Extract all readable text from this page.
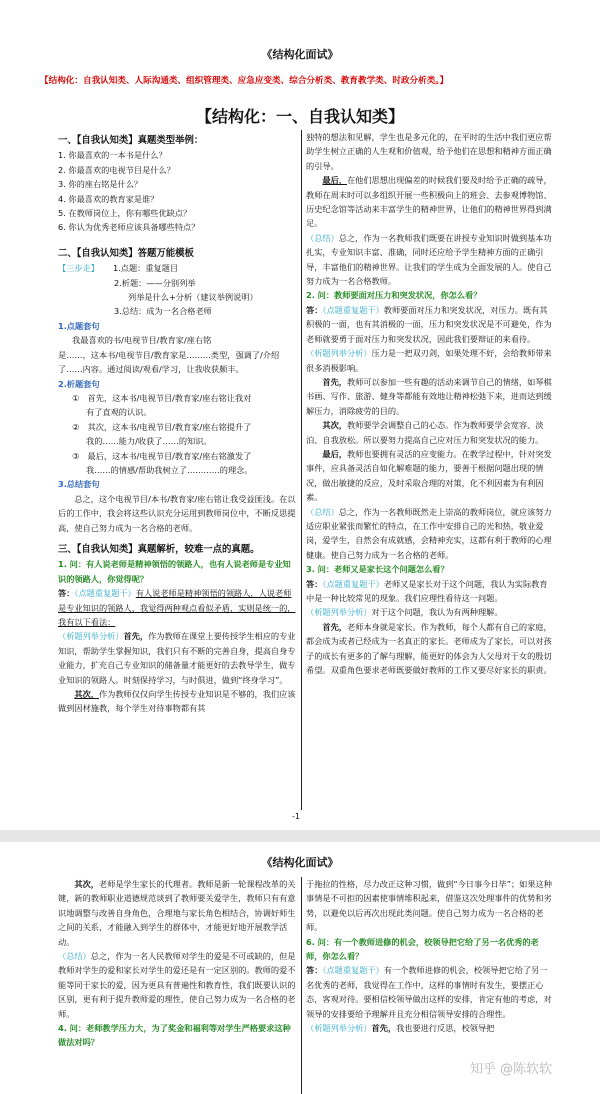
《结构化面试》
【结构化：自我认知类、人际沟通类、组织管理类、应急应变类、综合分析类、教育教学类、时政分析类。】
【结构化：一、自我认知类】
一、【自我认知类】真题类型举例：
1. 你最喜欢的一本书是什么？
2. 你最喜欢的电视节目是什么？
3. 你的座右铭是什么？
4. 你最喜欢的教育家是谁？
5. 在教师岗位上，你有哪些优缺点？
6. 你认为优秀老师应该具备哪些特点？
二、【自我认知类】答题万能模板
【三步走】 1.点题：重复题目
2.析题：——分别列举
列举是什么+分析（建议举例说明）
3.总结：成为一名合格老师
1.点题套句
我最喜欢的书/电视节目/教育家/座右铭
是……，这本书/电视节目/教育家是………类型，强调了/介绍了……内容。通过阅读/观看/学习，让我收获颇丰。
2.析题套句
①　首先，这本书/电视节目/教育家/座右铭让我对
有了直观的认识。
②　其次，这本书/电视节目/教育家/座右铭提升了
我的……能力/收获了……的知识。
③　最后，这本书/电视节目/教育家/座右铭激发了
我……的情感/帮助我树立了…………的理念。
3.总结套句
总之，这个电视节目/本书/教育家/座右铭让我受益匪浅。在以后的工作中，我会将这些认识充分运用到教师岗位中，不断反思提高，使自己努力成为一名合格的老师。
三、【自我认知类】真题解析，较难一点的真题。
1. 问：有人说老师是精神领悟的领路人，也有人说老师是专业知识的领路人，你觉得呢？
答：（点题重复题干）有人说老师是精神领悟的领路人，人说老师是专业知识的领路人，我觉得两种观点看似矛盾，实则是统一的，我有以下看法：
（析题列举分析）首先，作为教师在课堂上要传授学生相应的专业知识，帮助学生掌握知识，我们只有不断的完善自身，提高自身专业能力，扩充自己专业知识的储备量才能更好的去教导学生，做专业知识的领路人。时刻保持学习，与时俱进，做到“终身学习”。
其次，作为教师仅仅向学生传授专业知识是不够的，我们应该做到因材施教，每个学生对待事物都有其
独特的想法和见解，学生也是多元化的，在平时的生活中我们更应帮助学生树立正确的人生观和价值观，给予他们在思想和精神方面正确的引导。
最后，在他们思想出现偏差的时候我们要及时给予正确的疏导，教师在周末时可以多组织开展一些积极向上的班会、去参观博物馆、历史纪念馆等活动来丰富学生的精神世界，让他们的精神世界得到满足。
（总结）总之，作为一名教师我们既要在讲授专业知识时做到基本功扎实，专业知识丰富、准确，同时还应给予学生精神方面的正确引导，丰富他们的精神世界。让我们的学生成为全面发展的人。使自己努力成为一名合格教师。
2. 问：教师要面对压力和突发状况，你怎么看？
答：（点题重复题干）教师要面对压力和突发状况，对压力。既有其积极的一面，也有其消极的一面，压力和突发状况是不可避免，作为老师就要勇于面对压力和突发状况，因此我们要辩证的来看待。
（析题列举分析）压力是一把双刃剑，如果处理不好，会给教师带来很多消极影响。
首先，教师可以参加一些有趣的活动来调节自己的情绪，如琴棋书画、写作、旅游、健身等都能有效地让精神松弛下来，进而达到缓解压力，消除疲劳的目的。
其次，教师要学会调整自己的心态。作为教师要学会宽容、淡泊、自我放松。所以要努力提高自己应对压力和突发状况的能力。
最后，教师也要拥有灵活的应变能力。在教学过程中，针对突发事件，应具备灵活自如化解难题的能力，要善于根据问题出现的情况，做出敏捷的反应，及时采取合理的对策，化不利因素为有利因素。
（总结）总之，作为一名教师既然走上崇高的教师岗位，就应该努力适应职业紧张而繁忙的特点，在工作中安排自己的光和热，敬业爱岗，爱学生，自然会有成就感，会精神充实，这都有利于教师的心理健康。使自己努力成为一名合格的老师。
3. 问：老师又是家长这个问题怎么看？
答：（点题重复题干）老师又是家长对于这个问题，我认为实际教育中是一种比较常见的现象。我们应理性看待这一问题。
（析题列举分析）对于这个问题，我认为有两种理解。
首先，老师本身就是家长。作为教师，每个人都有自己的家庭，都会成为或者已经成为一名真正的家长。老师成为了家长，可以对孩子的成长有更多的了解与理解，能更好的体会为人父母对于女的殷切希望。双重角色要求老师既要做好教师的工作又要尽好家长的职责。
-1
《结构化面试》
其次，老师是学生家长的代理者。教师是新一轮课程改革的关键，新的教师职业道德规范谈到了教师要关爱学生，教师只有有意识地调整与改善自身角色，合理地与家长角色相结合，协调好师生之间的关系，才能融入到学生的群体中，才能更好地开展教学活动。
（总结）总之，作为一名人民教师对学生的爱是不可或缺的，但是教师对学生的爱和家长对学生的爱还是有一定区别的。教师的爱不能等同于家长的爱，因为更具有普遍性和教育性，我们既要认识的区别，更有利于提升教师爱的理性，使自己努力成为一名合格的老师。
4. 问：老师教学压力大，为了奖金和福利等对学生严格要求这种做法对吗？
于拖拉的性格，尽力改正这种习惯，做到“今日事今日毕”；如果这种事情是不可拒的因素使事情堆积起来，借鉴这次处理事件的优势和劣势，以避免以后再次出现此类问题。使自己努力成为一名合格的老师。
6. 问：有一个教师进修的机会，校领导把它给了另一名优秀的老师，你怎么看？
答：（点题重复题干）有一个教师进修的机会，校领导把它给了另一名优秀的老师，我觉得在工作中，这样的事情时有发生，要摆正心态，客观对待。要相信校领导做出这样的安排，肯定有他的考虑，对领导的安排要给予理解并且充分相信领导安排的合理性。
（析题列举分析）首先，我也要进行反思，校领导把
知乎 @陈软软
